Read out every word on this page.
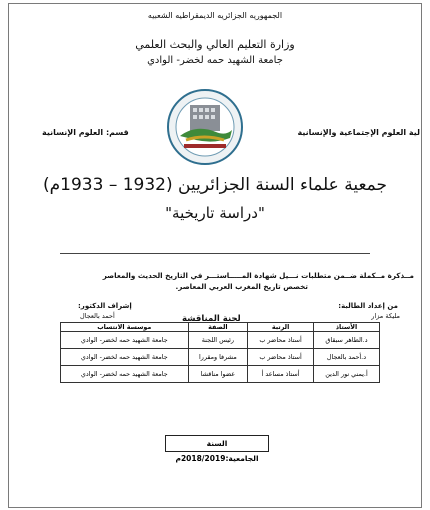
الجمهوريه الجزائريه الديمقراطيه الشعبيه
وزارة التعليم العالي والبحث العلمي
جامعة الشهيد حمه لخضر- الوادي
لية العلوم الإجتماعية والإنسانية
قسم: العلوم الإنسانية
جمعية علماء السنة الجزائريين (1932 – 1933م)
"دراسة تاريخية"
مــذكرة مــكملة ضــمن متطلبات نـــيل شهادة المـــــاستـــر في التاريخ الحديث والمعاصر
تخصص تاريخ المغرب العربي المعاصر.
من إعداد الطالبة:
إشراف الدكتور:
مليكة مزار
أحمد بالعجال	لجنة المناقشة
الأستاذ	الرتبة	الصفة	موسسة الانتساب
د.الطاهر سبقاق	أستاذ محاضر ب	رئيس اللجنة	جامعة الشهيد حمه لخضر- الوادي
د.أحمد بالعجال	أستاذ محاضر ب	مشرفا ومقررا	جامعة الشهيد حمه لخضر- الوادي
أ.يمني نور الدين	أستاذ مساعد أ	عضوا مناقشا	جامعة الشهيد حمه لخضر- الوادي
السنة الجامعية:2018/2019م
